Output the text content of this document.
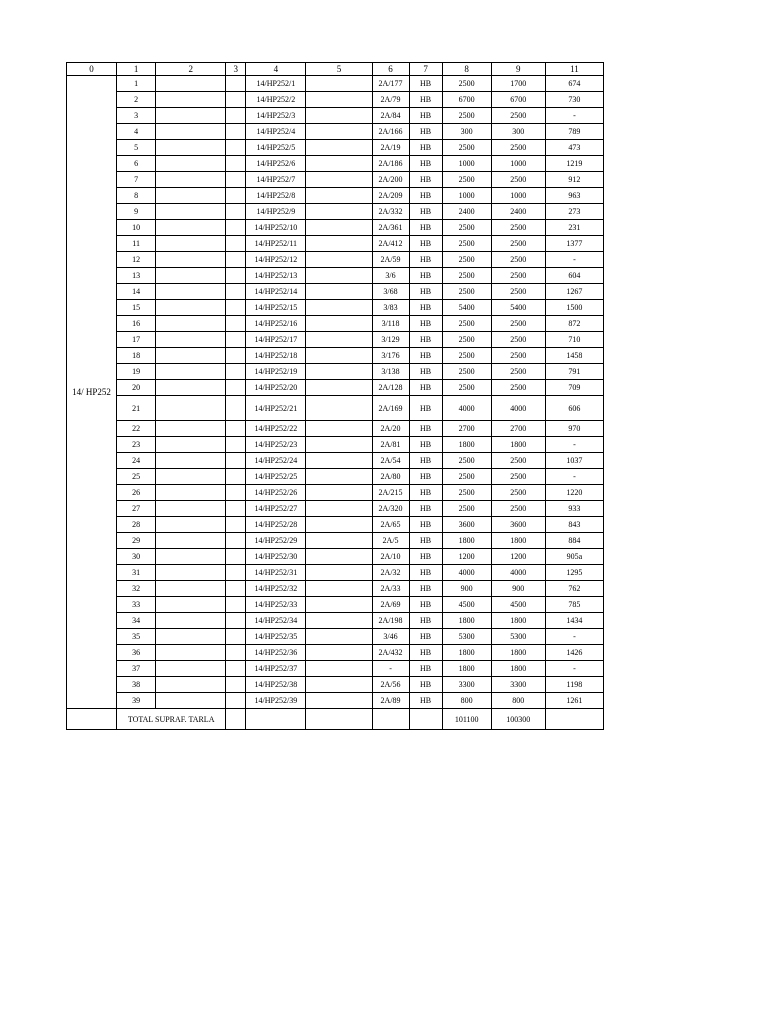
0	1	2	3	4	5	6	7	8	9	11
14/ HP252	1			14/HP252/1		2A/177	HB	2500	1700	674
	2			14/HP252/2		2A/79	HB	6700	6700	730
	3			14/HP252/3		2A/84	HB	2500	2500	-
	4			14/HP252/4		2A/166	HB	300	300	789
	5			14/HP252/5		2A/19	HB	2500	2500	473
	6			14/HP252/6		2A/186	HB	1000	1000	1219
	7			14/HP252/7		2A/200	HB	2500	2500	912
	8			14/HP252/8		2A/209	HB	1000	1000	963
	9			14/HP252/9		2A/332	HB	2400	2400	273
	10			14/HP252/10		2A/361	HB	2500	2500	231
	11			14/HP252/11		2A/412	HB	2500	2500	1377
	12			14/HP252/12		2A/59	HB	2500	2500	-
	13			14/HP252/13		3/6	HB	2500	2500	604
	14			14/HP252/14		3/68	HB	2500	2500	1267
	15			14/HP252/15		3/83	HB	5400	5400	1500
	16			14/HP252/16		3/118	HB	2500	2500	872
	17			14/HP252/17		3/129	HB	2500	2500	710
	18			14/HP252/18		3/176	HB	2500	2500	1458
	19			14/HP252/19		3/138	HB	2500	2500	791
	20			14/HP252/20		2A/128	HB	2500	2500	709
	21			14/HP252/21		2A/169	HB	4000	4000	606
	22			14/HP252/22		2A/20	HB	2700	2700	970
	23			14/HP252/23		2A/81	HB	1800	1800	-
	24			14/HP252/24		2A/54	HB	2500	2500	1037
	25			14/HP252/25		2A/80	HB	2500	2500	-
	26			14/HP252/26		2A/215	HB	2500	2500	1220
	27			14/HP252/27		2A/320	HB	2500	2500	933
	28			14/HP252/28		2A/65	HB	3600	3600	843
	29			14/HP252/29		2A/5	HB	1800	1800	884
	30			14/HP252/30		2A/10	HB	1200	1200	905a
	31			14/HP252/31		2A/32	HB	4000	4000	1295
	32			14/HP252/32		2A/33	HB	900	900	762
	33			14/HP252/33		2A/69	HB	4500	4500	785
	34			14/HP252/34		2A/198	HB	1800	1800	1434
	35			14/HP252/35		3/46	HB	5300	5300	-
	36			14/HP252/36		2A/432	HB	1800	1800	1426
	37			14/HP252/37		-	HB	1800	1800	-
	38			14/HP252/38		2A/56	HB	3300	3300	1198
	39			14/HP252/39		2A/89	HB	800	800	1261
	TOTAL SUPRAF. TARLA							101100	100300	
